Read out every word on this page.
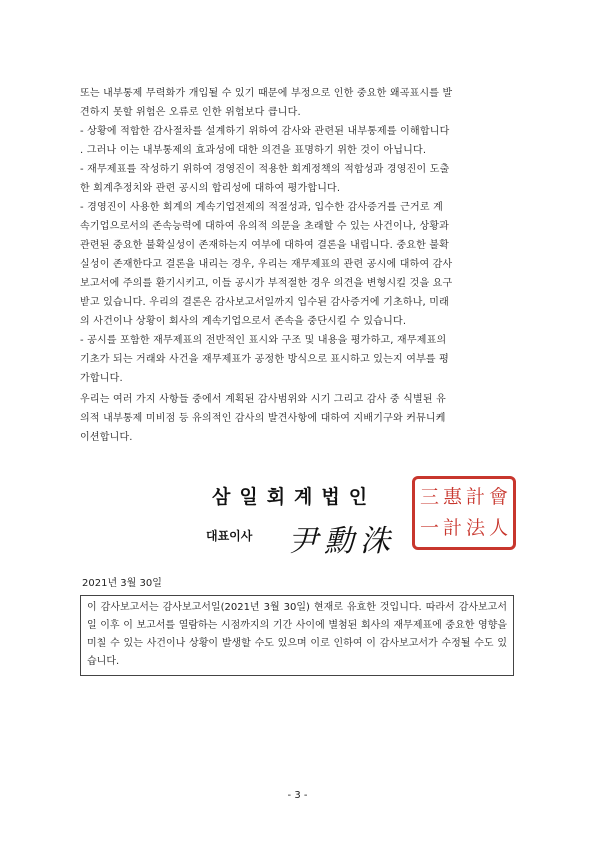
또는 내부통제 무력화가 개입될 수 있기 때문에 부정으로 인한 중요한 왜곡표시를 발

견하지 못할 위험은 오류로 인한 위험보다 큽니다.

- 상황에 적합한 감사절차를 설계하기 위하여 감사와 관련된 내부통제를 이해합니다

. 그러나 이는 내부통제의 효과성에 대한 의견을 표명하기 위한 것이 아닙니다.

- 재무제표를 작성하기 위하여 경영진이 적용한 회계정책의 적합성과 경영진이 도출

한 회계추정치와 관련 공시의 합리성에 대하여 평가합니다.

- 경영진이 사용한 회계의 계속기업전제의 적절성과, 입수한 감사증거를 근거로 계

속기업으로서의 존속능력에 대하여 유의적 의문을 초래할 수 있는 사건이나, 상황과

관련된 중요한 불확실성이 존재하는지 여부에 대하여 결론을 내립니다. 중요한 불확

실성이 존재한다고 결론을 내리는 경우, 우리는 재무제표의 관련 공시에 대하여 감사

보고서에 주의를 환기시키고, 이들 공시가 부적절한 경우 의견을 변형시킬 것을 요구

받고 있습니다. 우리의 결론은 감사보고서일까지 입수된 감사증거에 기초하나, 미래

의 사건이나 상황이 회사의 계속기업으로서 존속을 중단시킬 수 있습니다.

- 공시를 포함한 재무제표의 전반적인 표시와 구조 및 내용을 평가하고, 재무제표의

기초가 되는 거래와 사건을 재무제표가 공정한 방식으로 표시하고 있는지 여부를 평

가합니다.

우리는 여러 가지 사항들 중에서 계획된 감사범위와 시기 그리고 감사 중 식별된 유

의적 내부통제 미비점 등 유의적인 감사의 발견사항에 대하여 지배기구와 커뮤니케

이션합니다.

삼일회계법인
대표이사 尹勳洙
三 惠 計 會
一 計 法 人
2021년 3월 30일
이 감사보고서는 감사보고서일(2021년 3월 30일) 현재로 유효한 것입니다. 따라서 감사보고서일 이후 이 보고서를 열람하는 시점까지의 기간 사이에 별첨된 회사의 재무제표에 중요한 영향을 미칠 수 있는 사건이나 상황이 발생할 수도 있으며 이로 인하여 이 감사보고서가 수정될 수도 있습니다.
- 3 -
